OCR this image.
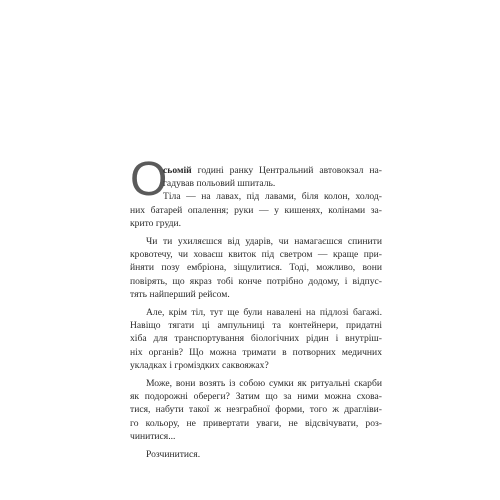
О
сьомій годині ранку Центральний автовокзал на-
гадував польовий шпиталь.
Тіла — на лавах, під лавами, біля колон, холод-
них батарей опалення; руки — у кишенях, колінами за-
крито груди.
Чи ти ухиляєшся від ударів, чи намагаєшся спинити
кровотечу, чи ховаєш квиток під светром — краще при-
йняти позу ембріона, зіщулитися. Тоді, можливо, вони
повірять, що якраз тобі конче потрібно додому, і відпус-
тять найперший рейсом.
Але, крім тіл, тут ще були навалені на підлозі багажі.
Навіщо тягати ці ампульниці та контейнери, придатні
хіба для транспортування біологічних рідин і внутріш-
ніх органів? Що можна тримати в потворних медичних
укладках і громіздких саквояжах?
Може, вони возять із собою сумки як ритуальні скарби
як подорожні обереги? Затим що за ними можна схова-
тися, набути такої ж незграбної форми, того ж драгліви-
го кольору, не привертати уваги, не відсвічувати, роз-
чинитися...
Розчинитися.
